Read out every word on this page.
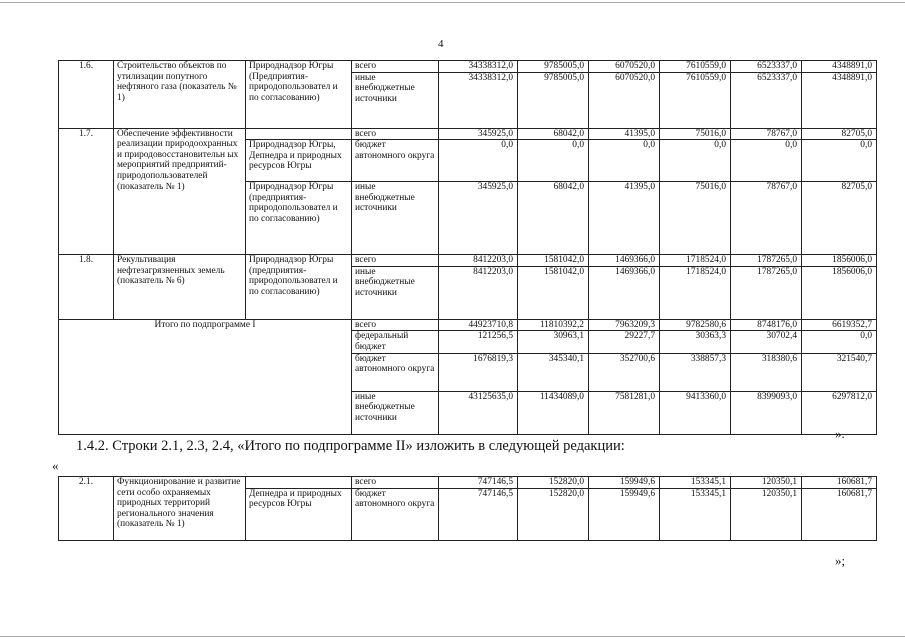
4
1.6.	Строительство объектов по утилизации попутного нефтяного газа (показатель № 1)	Природнадзор Югры (Предприятия-природопользовател и по согласованию)	всего	34338312,0	9785005,0	6070520,0	7610559,0	6523337,0	4348891,0
			иные внебюджетные источники	34338312,0	9785005,0	6070520,0	7610559,0	6523337,0	4348891,0
1.7.	Обеспечение эффективности реализации природоохранных и природовосстановительн ых мероприятий предприятий-природопользователей (показатель № 1)		всего	345925,0	68042,0	41395,0	75016,0	78767,0	82705,0
		Природнадзор Югры, Депнедра и природных ресурсов Югры	бюджет автономного округа	0,0	0,0	0,0	0,0	0,0	0,0
		Природнадзор Югры (предприятия-природопользовател и по согласованию)	иные внебюджетные источники	345925,0	68042,0	41395,0	75016,0	78767,0	82705,0
1.8.	Рекультивация нефтезагрязненных земель (показатель № 6)	Природнадзор Югры (предприятия-природопользовател и по согласованию)	всего	8412203,0	1581042,0	1469366,0	1718524,0	1787265,0	1856006,0
			иные внебюджетные источники	8412203,0	1581042,0	1469366,0	1718524,0	1787265,0	1856006,0
Итого по подпрограмме I			всего	44923710,8	11810392,2	7963209,3	9782580,6	8748176,0	6619352,7
			федеральный бюджет	121256,5	30963,1	29227,7	30363,3	30702,4	0,0
			бюджет автономного округа	1676819,3	345340,1	352700,6	338857,3	318380,6	321540,7
			иные внебюджетные источники	43125635,0	11434089,0	7581281,0	9413360,0	8399093,0	6297812,0
».
1.4.2. Строки 2.1, 2.3, 2.4, «Итого по подпрограмме II» изложить в следующей редакции:
«
2.1.	Функционирование и развитие сети особо охраняемых природных территорий регионального значения (показатель № 1)		всего	747146,5	152820,0	159949,6	153345,1	120350,1	160681,7
		Депнедра и природных ресурсов Югры	бюджет автономного округа	747146,5	152820,0	159949,6	153345,1	120350,1	160681,7
»;
